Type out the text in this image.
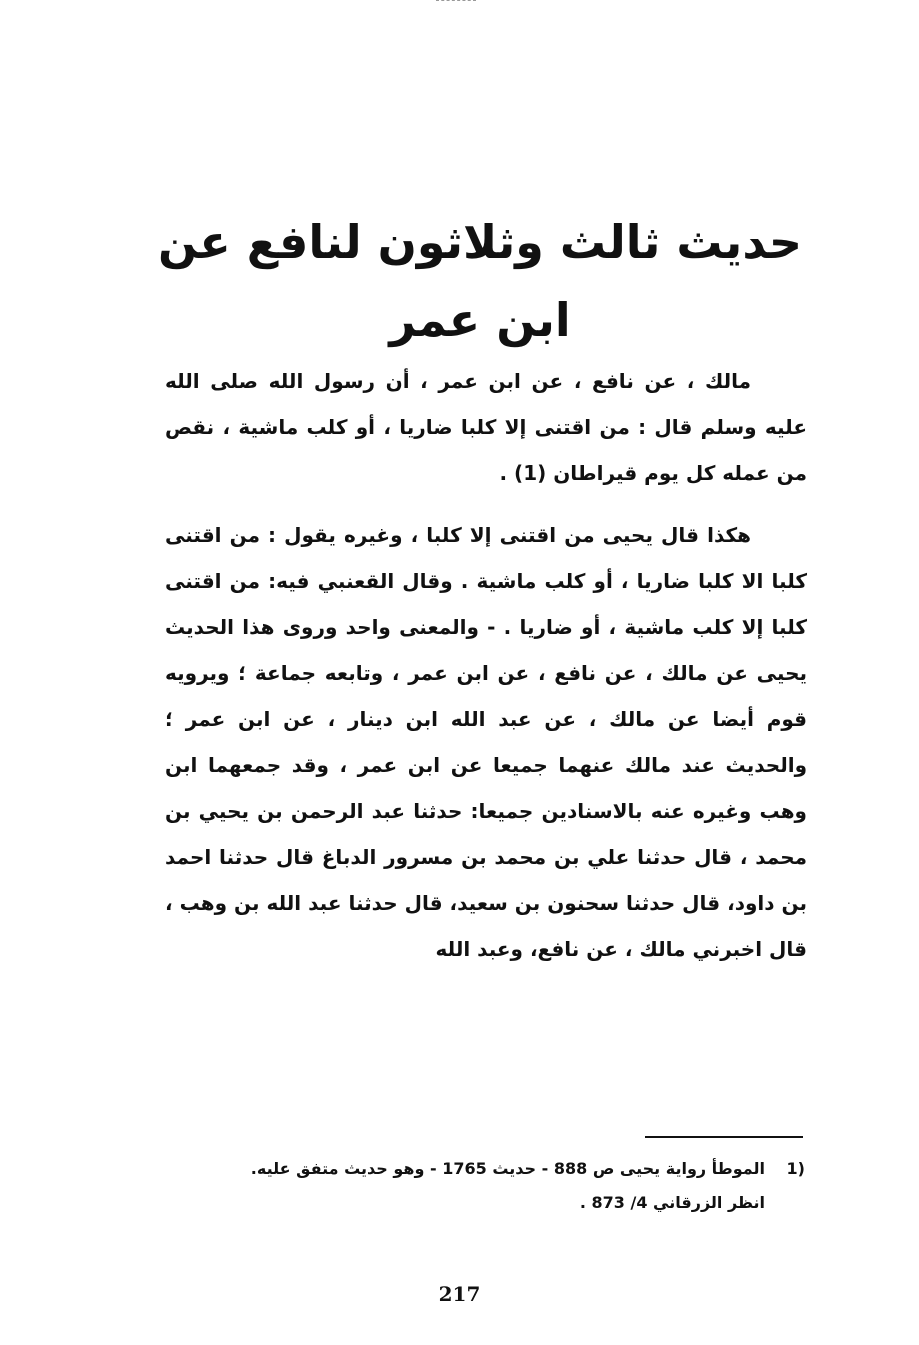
حديث ثالث وثلاثون لنافع عن ابن عمر

مالك ، عن نافع ، عن ابن عمر ، أن رسول الله صلى الله عليه وسلم قال : من اقتنى إلا كلبا ضاريا ، أو كلب ماشية ، نقص من عمله كل يوم قيراطان (1) .

هكذا قال يحيى من اقتنى إلا كلبا ، وغيره يقول : من اقتنى كلبا الا كلبا ضاريا ، أو كلب ماشية . وقال القعنبي فيه: من اقتنى كلبا إلا كلب ماشية ، أو ضاريا . - والمعنى واحد وروى هذا الحديث يحيى عن مالك ، عن نافع ، عن ابن عمر ، وتابعه جماعة ؛ ويرويه قوم أيضا عن مالك ، عن عبد الله ابن دينار ، عن ابن عمر ؛ والحديث عند مالك عنهما جميعا عن ابن عمر ، وقد جمعهما ابن وهب وغيره عنه بالاسنادين جميعا: حدثنا عبد الرحمن بن يحيي بن محمد ، قال حدثنا علي بن محمد بن مسرور الدباغ قال حدثنا احمد بن داود، قال حدثنا سحنون بن سعيد، قال حدثنا عبد الله بن وهب ، قال اخبرني مالك ، عن نافع، وعبد الله

1)
الموطأ رواية يحيى ص 888 - حديث 1765 - وهو حديث متفق عليه.
انظر الزرقاني 4/ 873 .
217
